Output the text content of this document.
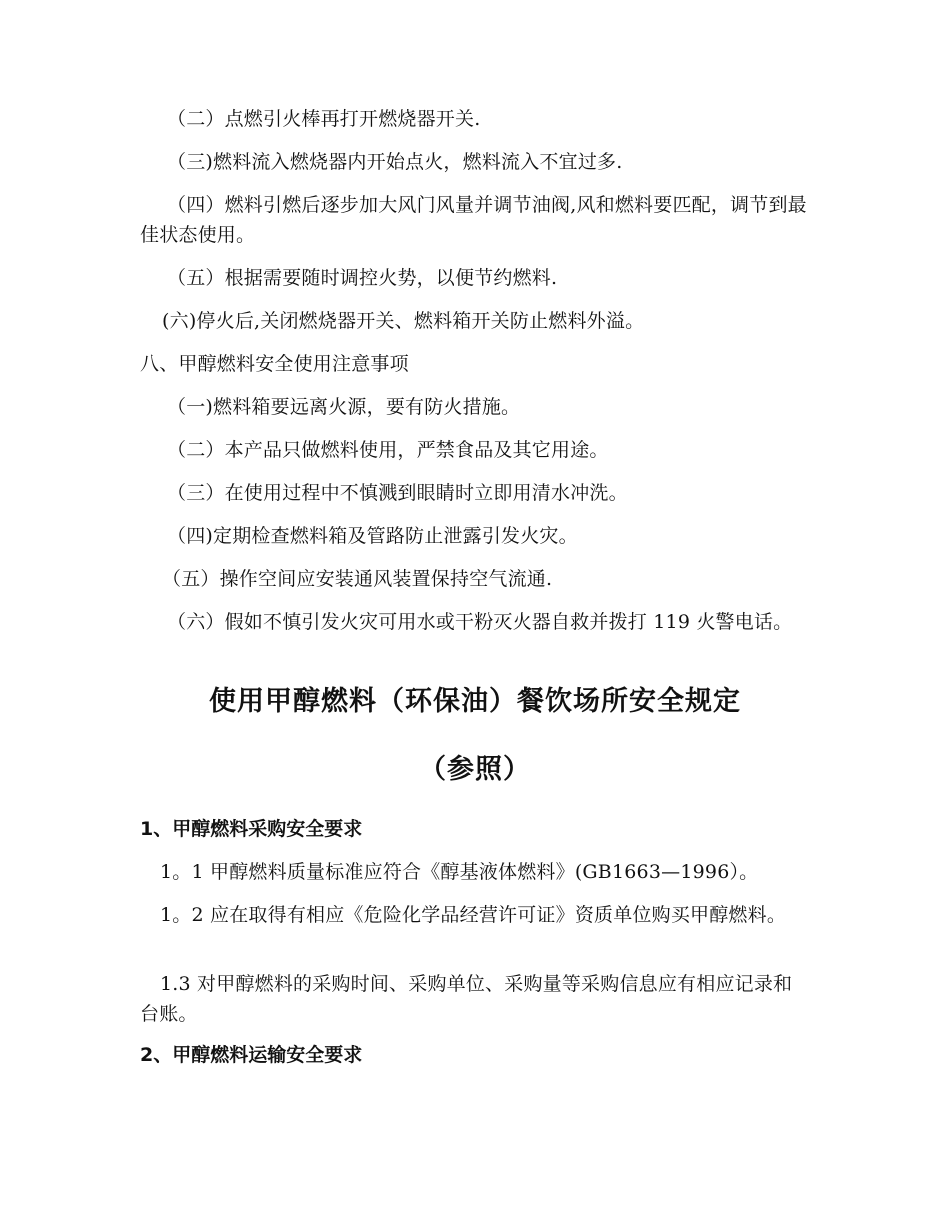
（二）点燃引火棒再打开燃烧器开关.
（三)燃料流入燃烧器内开始点火，燃料流入不宜过多.
（四）燃料引燃后逐步加大风门风量并调节油阀,风和燃料要匹配，调节到最佳状态使用。
（五）根据需要随时调控火势，以便节约燃料.
(六)停火后,关闭燃烧器开关、燃料箱开关防止燃料外溢。
八、甲醇燃料安全使用注意事项
（一)燃料箱要远离火源，要有防火措施。
（二）本产品只做燃料使用，严禁食品及其它用途。
（三）在使用过程中不慎溅到眼睛时立即用清水冲洗。
（四)定期检查燃料箱及管路防止泄露引发火灾。
（五）操作空间应安装通风装置保持空气流通.
（六）假如不慎引发火灾可用水或干粉灭火器自救并拨打 119 火警电话。
使用甲醇燃料（环保油）餐饮场所安全规定
（参照）
1、甲醇燃料采购安全要求
1。1 甲醇燃料质量标准应符合《醇基液体燃料》(GB1663—1996）。
1。2 应在取得有相应《危险化学品经营许可证》资质单位购买甲醇燃料。
1.3 对甲醇燃料的采购时间、采购单位、采购量等采购信息应有相应记录和台账。
2、甲醇燃料运输安全要求
